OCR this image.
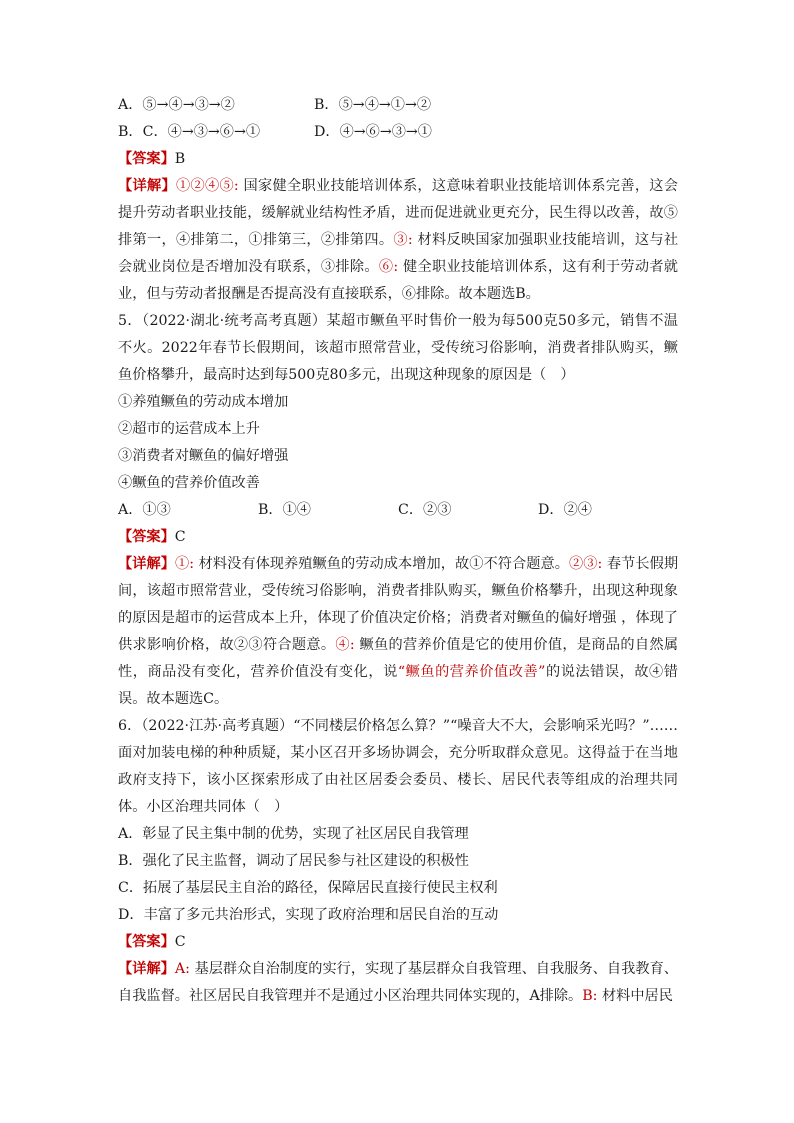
A．⑤→④→③→②	B．⑤→④→①→②
B．C．④→③→⑥→①	D．④→⑥→③→①
【答案】B
【详解】①②④⑤: 国家健全职业技能培训体系，这意味着职业技能培训体系完善，这会提升劳动者职业技能，缓解就业结构性矛盾，进而促进就业更充分，民生得以改善，故⑤排第一，④排第二，①排第三，②排第四。③: 材料反映国家加强职业技能培训，这与社会就业岗位是否增加没有联系，③排除。⑥: 健全职业技能培训体系，这有利于劳动者就业，但与劳动者报酬是否提高没有直接联系，⑥排除。故本题选B。
5．（2022·湖北·统考高考真题）某超市鳜鱼平时售价一般为每500克50多元，销售不温不火。2022年春节长假期间，该超市照常营业，受传统习俗影响，消费者排队购买，鳜鱼价格攀升，最高时达到每500克80多元，出现这种现象的原因是（　）
①养殖鳜鱼的劳动成本增加
②超市的运营成本上升
③消费者对鳜鱼的偏好增强
④鳜鱼的营养价值改善
A．①③	B．①④	C．②③	D．②④
【答案】C
【详解】①: 材料没有体现养殖鳜鱼的劳动成本增加，故①不符合题意。②③: 春节长假期间，该超市照常营业，受传统习俗影响，消费者排队购买，鳜鱼价格攀升，出现这种现象的原因是超市的运营成本上升，体现了价值决定价格；消费者对鳜鱼的偏好增强 ，体现了供求影响价格，故②③符合题意。④: 鳜鱼的营养价值是它的使用价值，是商品的自然属性，商品没有变化，营养价值没有变化，说“鳜鱼的营养价值改善”的说法错误，故④错误。故本题选C。
6．（2022·江苏·高考真题）“不同楼层价格怎么算？”“噪音大不大，会影响采光吗？”……面对加装电梯的种种质疑，某小区召开多场协调会，充分听取群众意见。这得益于在当地政府支持下，该小区探索形成了由社区居委会委员、楼长、居民代表等组成的治理共同体。小区治理共同体（　）
A．彰显了民主集中制的优势，实现了社区居民自我管理
B．强化了民主监督，调动了居民参与社区建设的积极性
C．拓展了基层民主自治的路径，保障居民直接行使民主权利
D．丰富了多元共治形式，实现了政府治理和居民自治的互动
【答案】C
【详解】A: 基层群众自治制度的实行，实现了基层群众自我管理、自我服务、自我教育、自我监督。社区居民自我管理并不是通过小区治理共同体实现的，A排除。B: 材料中居民
